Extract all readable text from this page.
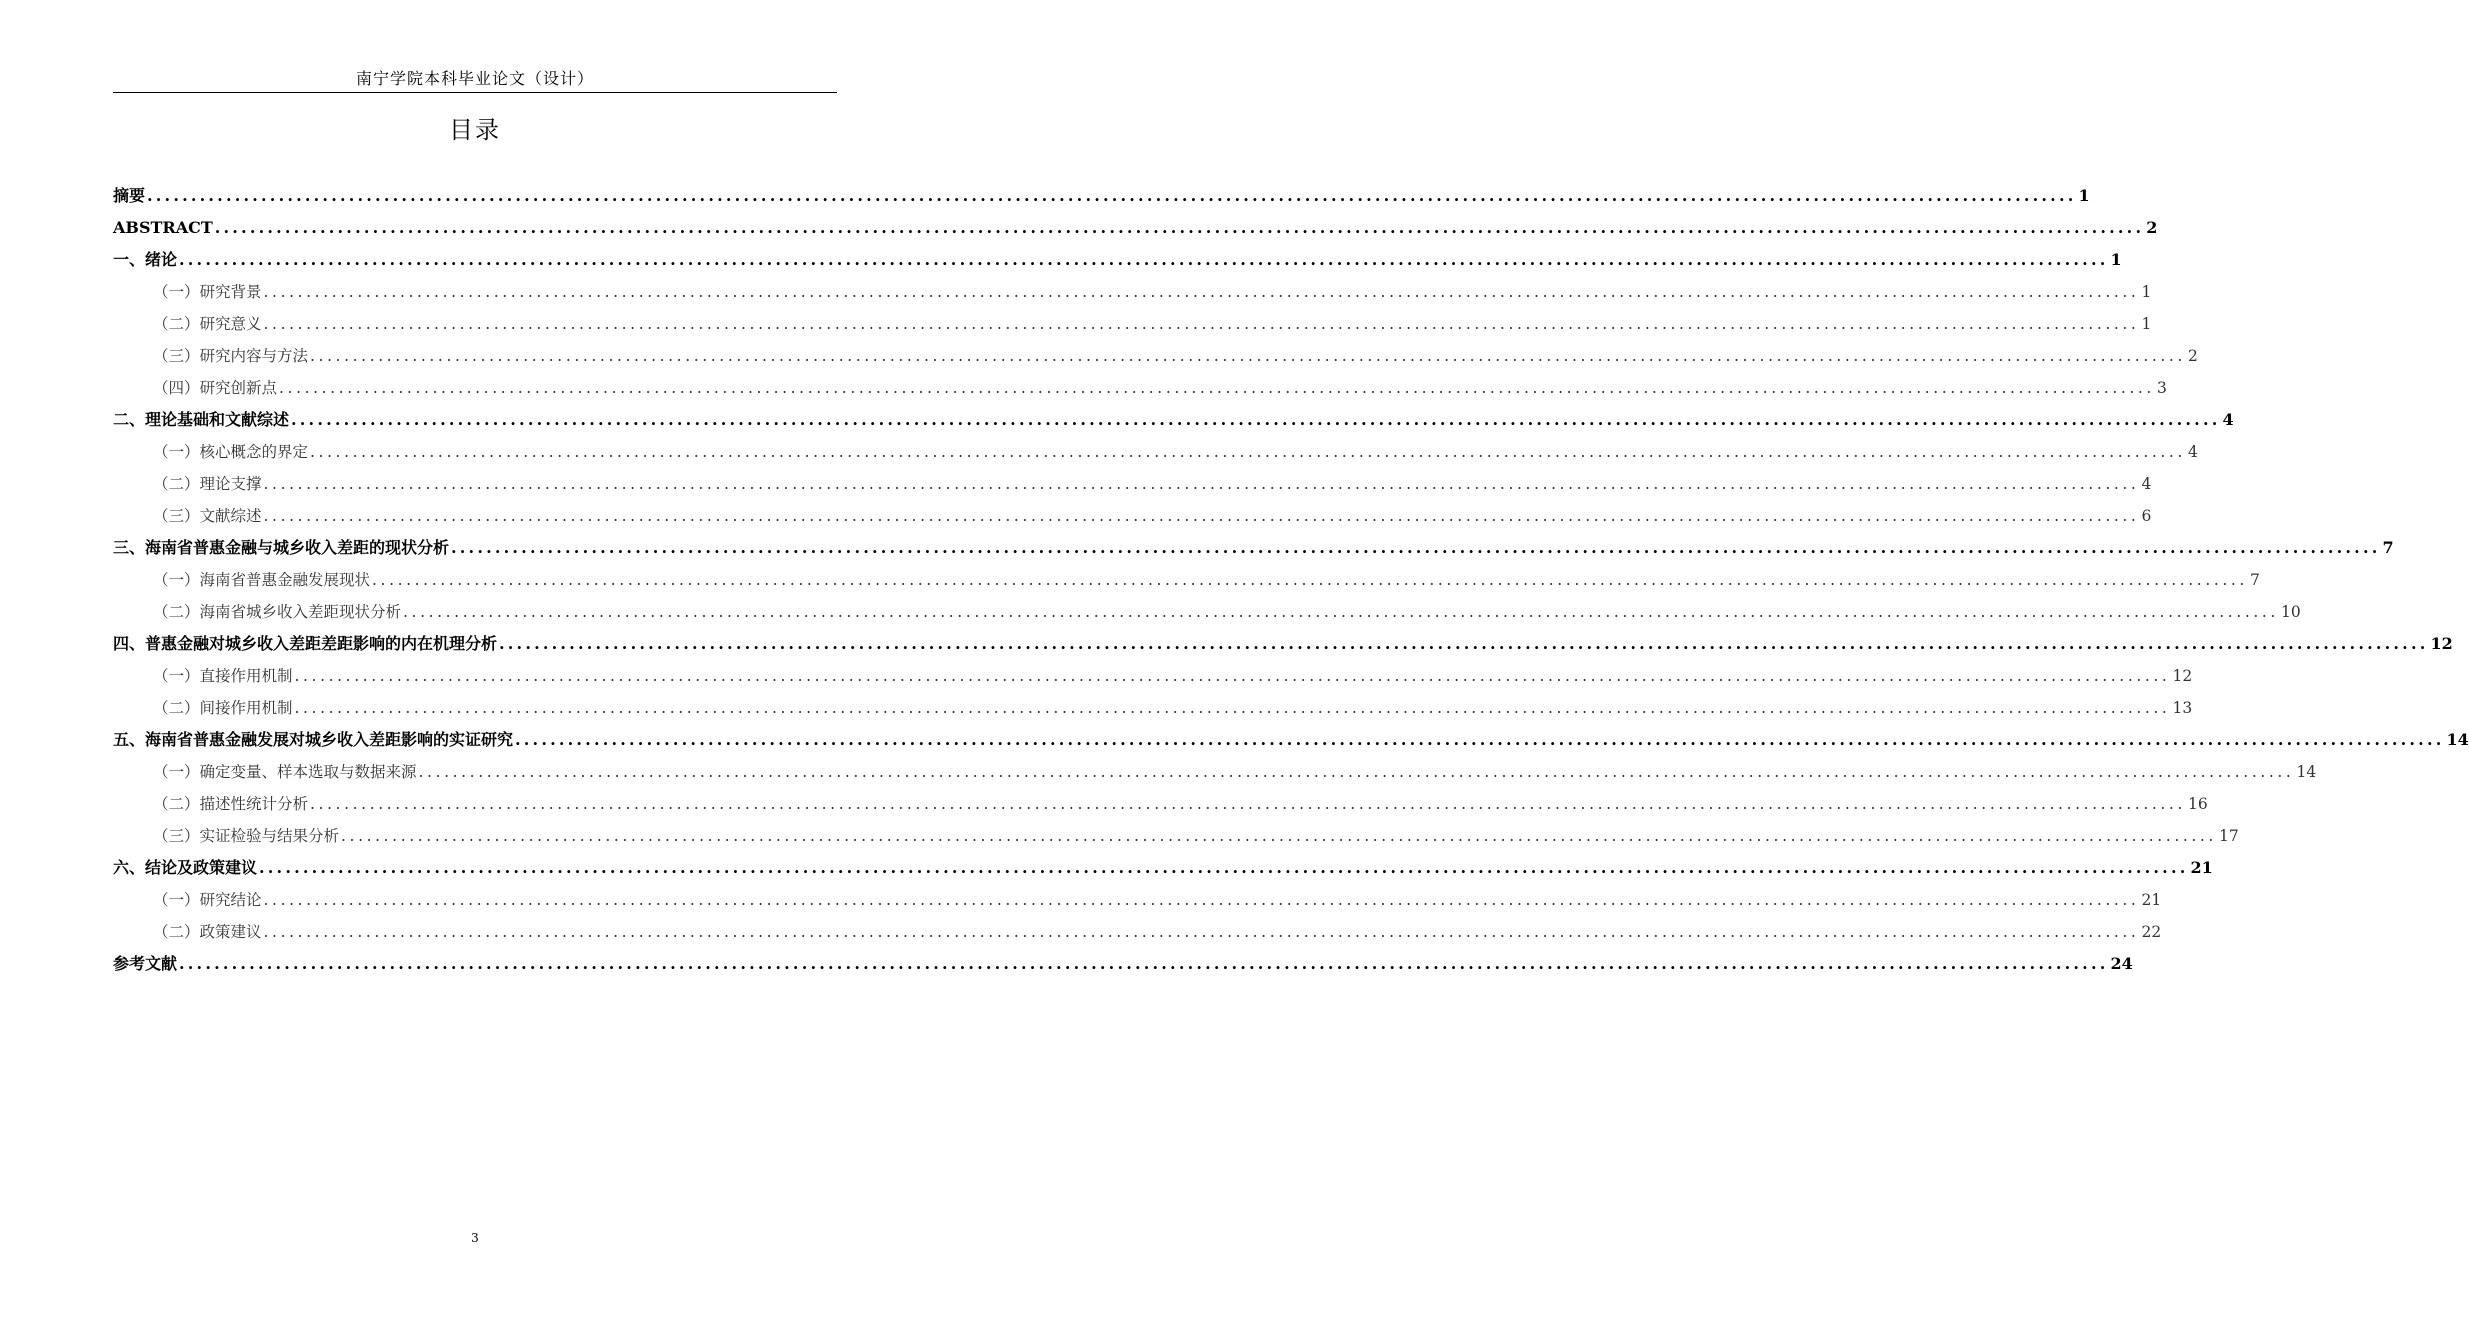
南宁学院本科毕业论文（设计）
目录
摘要 ............................................................................................................................................................................................................................ 1
ABSTRACT ............................................................................................................................................................................................................................ 2
一、绪论 ............................................................................................................................................................................................................................ 1
（一）研究背景 ............................................................................................................................................................................................................................ 1
（二）研究意义 ............................................................................................................................................................................................................................ 1
（三）研究内容与方法 ............................................................................................................................................................................................................................ 2
（四）研究创新点 ............................................................................................................................................................................................................................ 3
二、理论基础和文献综述 ............................................................................................................................................................................................................................ 4
（一）核心概念的界定 ............................................................................................................................................................................................................................ 4
（二）理论支撑 ............................................................................................................................................................................................................................ 4
（三）文献综述 ............................................................................................................................................................................................................................ 6
三、海南省普惠金融与城乡收入差距的现状分析 ............................................................................................................................................................................................................................ 7
（一）海南省普惠金融发展现状 ............................................................................................................................................................................................................................ 7
（二）海南省城乡收入差距现状分析 ............................................................................................................................................................................................................................ 10
四、普惠金融对城乡收入差距差距影响的内在机理分析 ............................................................................................................................................................................................................................ 12
（一）直接作用机制 ............................................................................................................................................................................................................................ 12
（二）间接作用机制 ............................................................................................................................................................................................................................ 13
五、海南省普惠金融发展对城乡收入差距影响的实证研究 ............................................................................................................................................................................................................................ 14
（一）确定变量、样本选取与数据来源 ............................................................................................................................................................................................................................ 14
（二）描述性统计分析 ............................................................................................................................................................................................................................ 16
（三）实证检验与结果分析 ............................................................................................................................................................................................................................ 17
六、结论及政策建议 ............................................................................................................................................................................................................................ 21
（一）研究结论 ............................................................................................................................................................................................................................ 21
（二）政策建议 ............................................................................................................................................................................................................................ 22
参考文献 ............................................................................................................................................................................................................................ 24
3
